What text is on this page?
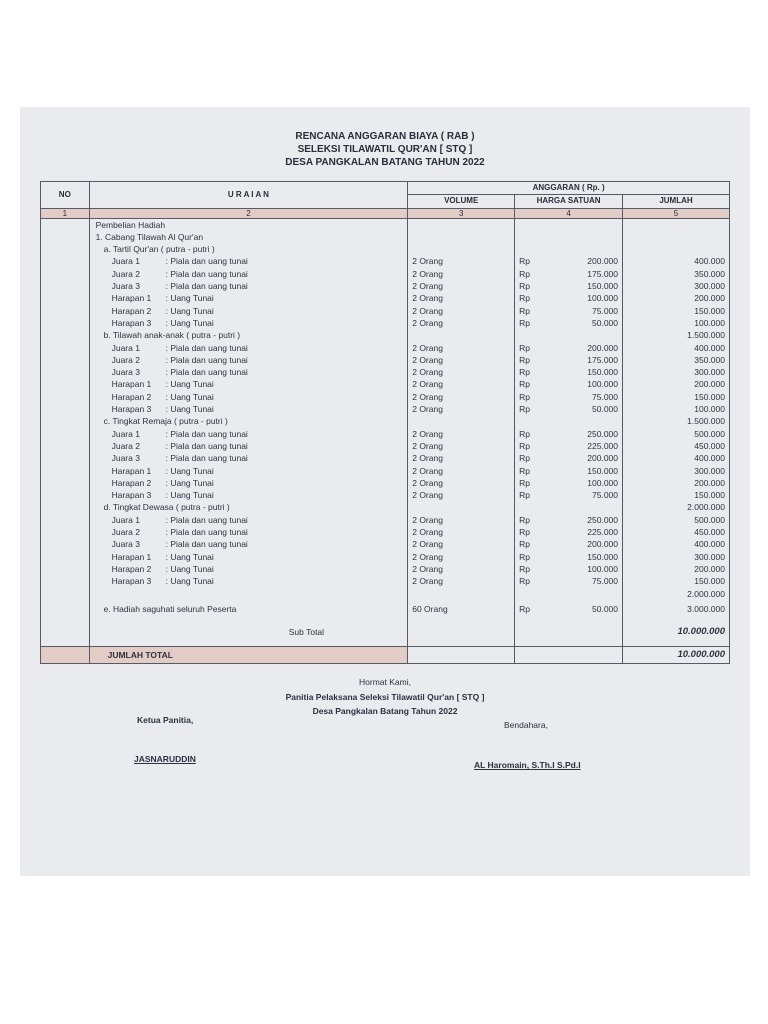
RENCANA ANGGARAN BIAYA ( RAB )
SELEKSI TILAWATIL QUR'AN [ STQ ]
DESA PANGKALAN BATANG TAHUN 2022
NO	U R A I A N	ANGGARAN ( Rp. )			
		VOLUME	HARGA SATUAN		JUMLAH
1	2	3	4		5
	Pembelian Hadiah				
	1. Cabang Tilawah Al Qur'an				
	a. Tartil Qur'an ( putra - putri )				
	Juara 1 : Piala dan uang tunai	2 Orang	Rp	200.000	400.000
	Juara 2 : Piala dan uang tunai	2 Orang	Rp	175.000	350.000
	Juara 3 : Piala dan uang tunai	2 Orang	Rp	150.000	300.000
	Harapan 1 : Uang Tunai	2 Orang	Rp	100.000	200.000
	Harapan 2 : Uang Tunai	2 Orang	Rp	75.000	150.000
	Harapan 3 : Uang Tunai	2 Orang	Rp	50.000	100.000
	b. Tilawah anak-anak ( putra - putri )				1.500.000
	Juara 1 : Piala dan uang tunai	2 Orang	Rp	200.000	400.000
	Juara 2 : Piala dan uang tunai	2 Orang	Rp	175.000	350.000
	Juara 3 : Piala dan uang tunai	2 Orang	Rp	150.000	300.000
	Harapan 1 : Uang Tunai	2 Orang	Rp	100.000	200.000
	Harapan 2 : Uang Tunai	2 Orang	Rp	75.000	150.000
	Harapan 3 : Uang Tunai	2 Orang	Rp	50.000	100.000
	c. Tingkat Remaja ( putra - putri )				1.500.000
	Juara 1 : Piala dan uang tunai	2 Orang	Rp	250.000	500.000
	Juara 2 : Piala dan uang tunai	2 Orang	Rp	225.000	450.000
	Juara 3 : Piala dan uang tunai	2 Orang	Rp	200.000	400.000
	Harapan 1 : Uang Tunai	2 Orang	Rp	150.000	300.000
	Harapan 2 : Uang Tunai	2 Orang	Rp	100.000	200.000
	Harapan 3 : Uang Tunai	2 Orang	Rp	75.000	150.000
	d. Tingkat Dewasa ( putra - putri )				2.000.000
	Juara 1 : Piala dan uang tunai	2 Orang	Rp	250.000	500.000
	Juara 2 : Piala dan uang tunai	2 Orang	Rp	225.000	450.000
	Juara 3 : Piala dan uang tunai	2 Orang	Rp	200.000	400.000
	Harapan 1 : Uang Tunai	2 Orang	Rp	150.000	300.000
	Harapan 2 : Uang Tunai	2 Orang	Rp	100.000	200.000
	Harapan 3 : Uang Tunai	2 Orang	Rp	75.000	150.000
					2.000.000
	e. Hadiah saguhati seluruh Peserta	60 Orang	Rp	50.000	3.000.000
	Sub Total				10.000.000
	JUMLAH TOTAL				10.000.000
Hormat Kami,
Panitia Pelaksana Seleksi Tilawatil Qur'an [ STQ ]
Desa Pangkalan Batang Tahun 2022
Ketua Panitia,	Bendahara,
JASNARUDDIN
AL Haromain, S.Th.I S.Pd.I
